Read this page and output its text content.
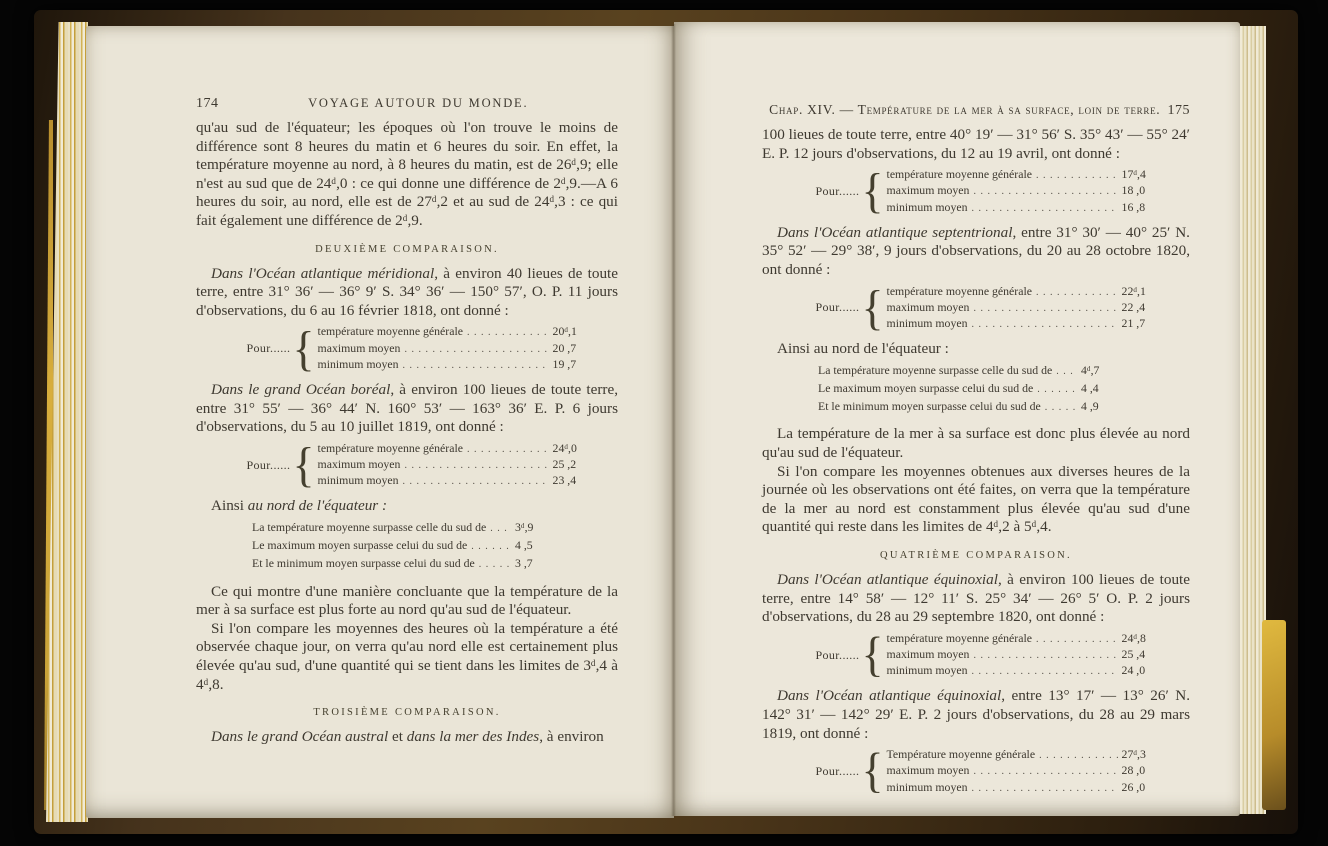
174	VOYAGE AUTOUR DU MONDE.

qu'au sud de l'équateur; les époques où l'on trouve le moins de différence sont 8 heures du matin et 6 heures du soir. En effet, la température moyenne au nord, à 8 heures du matin, est de 26ᵈ,9; elle n'est au sud que de 24ᵈ,0 : ce qui donne une différence de 2ᵈ,9.—A 6 heures du soir, au nord, elle est de 27ᵈ,2 et au sud de 24ᵈ,3 : ce qui fait également une différence de 2ᵈ,9.

DEUXIÈME COMPARAISON.

Dans l'Océan atlantique méridional, à environ 40 lieues de toute terre, entre 31° 36′ — 36° 9′ S. 34° 36′ — 150° 57′, O. P. 11 jours d'observations, du 6 au 16 février 1818, ont donné :

Pour......
{
température moyenne générale . . .	20ᵈ,1
maximum moyen . . .	20 ,7
minimum moyen . . .	19 ,7

Dans le grand Océan boréal, à environ 100 lieues de toute terre, entre 31° 55′ — 36° 44′ N. 160° 53′ — 163° 36′ E. P. 6 jours d'observations, du 5 au 10 juillet 1819, ont donné :

Pour......
{
température moyenne générale . . .	24ᵈ,0
maximum moyen . . .	25 ,2
minimum moyen . . .	23 ,4

Ainsi au nord de l'équateur :

La température moyenne surpasse celle du sud de . . . 3ᵈ,9
Le maximum moyen surpasse celui du sud de . . .	4 ,5
Et le minimum moyen surpasse celui du sud de . . .	3 ,7

Ce qui montre d'une manière concluante que la température de la mer à sa surface est plus forte au nord qu'au sud de l'équateur.

Si l'on compare les moyennes des heures où la température a été observée chaque jour, on verra qu'au nord elle est certainement plus élevée qu'au sud, d'une quantité qui se tient dans les limites de 3ᵈ,4 à 4ᵈ,8.

TROISIÈME COMPARAISON.

Dans le grand Océan austral et dans la mer des Indes, à environ

Chap. XIV. — Température de la mer à sa surface, loin de terre. 175

100 lieues de toute terre, entre 40° 19′ — 31° 56′ S. 35° 43′ — 55° 24′ E. P. 12 jours d'observations, du 12 au 19 avril, ont donné :

Pour......
{
température moyenne générale . . .	17ᵈ,4
maximum moyen . . .	18 ,0
minimum moyen . . .	16 ,8

Dans l'Océan atlantique septentrional, entre 31° 30′ — 40° 25′ N. 35° 52′ — 29° 38′, 9 jours d'observations, du 20 au 28 octobre 1820, ont donné :

Pour......
{
température moyenne générale . . .	22ᵈ,1
maximum moyen . . .	22 ,4
minimum moyen . . .	21 ,7

Ainsi au nord de l'équateur :

La température moyenne surpasse celle du sud de . . . 4ᵈ,7
Le maximum moyen surpasse celui du sud de . . .	4 ,4
Et le minimum moyen surpasse celui du sud de . . .	4 ,9

La température de la mer à sa surface est donc plus élevée au nord qu'au sud de l'équateur.

Si l'on compare les moyennes obtenues aux diverses heures de la journée où les observations ont été faites, on verra que la température de la mer au nord est constamment plus élevée qu'au sud d'une quantité qui reste dans les limites de 4ᵈ,2 à 5ᵈ,4.

QUATRIÈME COMPARAISON.

Dans l'Océan atlantique équinoxial, à environ 100 lieues de toute terre, entre 14° 58′ — 12° 11′ S. 25° 34′ — 26° 5′ O. P. 2 jours d'observations, du 28 au 29 septembre 1820, ont donné :

Pour......
{
température moyenne générale . . .	24ᵈ,8
maximum moyen . . .	25 ,4
minimum moyen . . .	24 ,0

Dans l'Océan atlantique équinoxial, entre 13° 17′ — 13° 26′ N. 142° 31′ — 142° 29′ E. P. 2 jours d'observations, du 28 au 29 mars 1819, ont donné :

Pour......
{
Température moyenne générale . . .	27ᵈ,3
maximum moyen . . .	28 ,0
minimum moyen . . .	26 ,0
